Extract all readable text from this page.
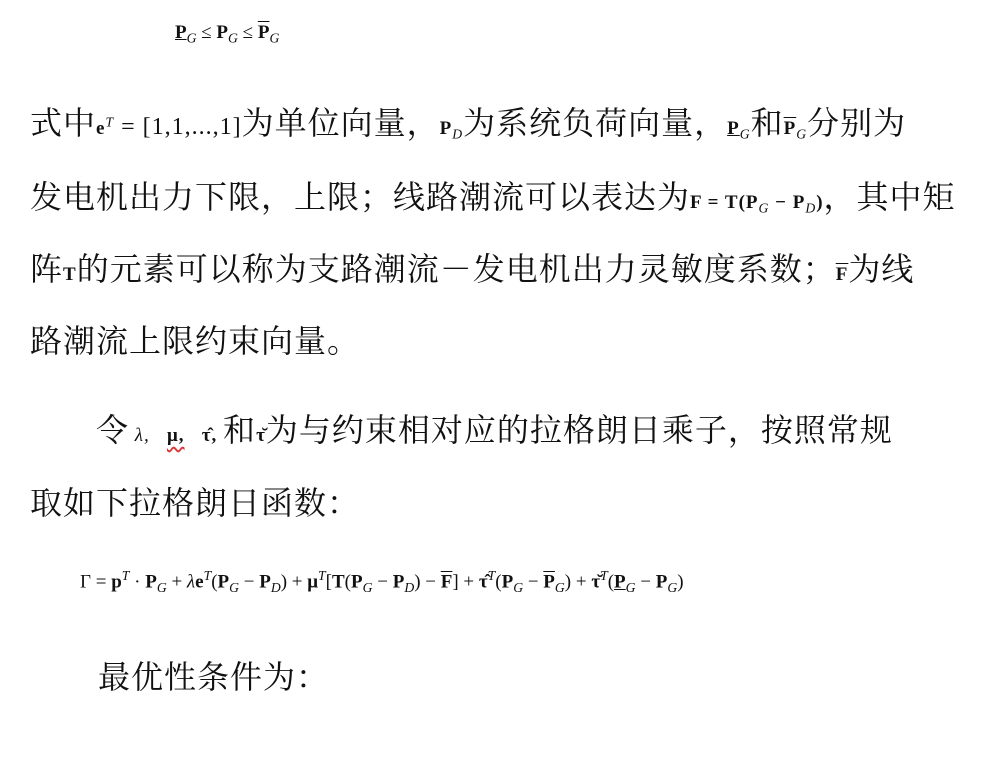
$P_G \le P_G \le \overline{P}_G$
式中$e^T = [1,1,...,1]$为单位向量，$P_D$为系统负荷向量，$P_G$和$\overline{P}_G$分别为
发电机出力下限，上限；线路潮流可以表达为$F = T(P_G - P_D)$，其中矩
阵T的元素可以称为支路潮流－发电机出力灵敏度系数；$\overline{F}$为线
路潮流上限约束向量。
令 λ, μ, τ̂, 和τ̆为与约束相对应的拉格朗日乘子，按照常规
取如下拉格朗日函数：
$\Gamma = p^T \cdot P_G + \lambda e^T(P_G - P_D) + \mu^T[T(P_G - P_D) - \overline{F}]$ + $\taû^T(P_G - \overline{P}_G)$ + $\taŭ^T(P_G - P_G)$
最优性条件为：
